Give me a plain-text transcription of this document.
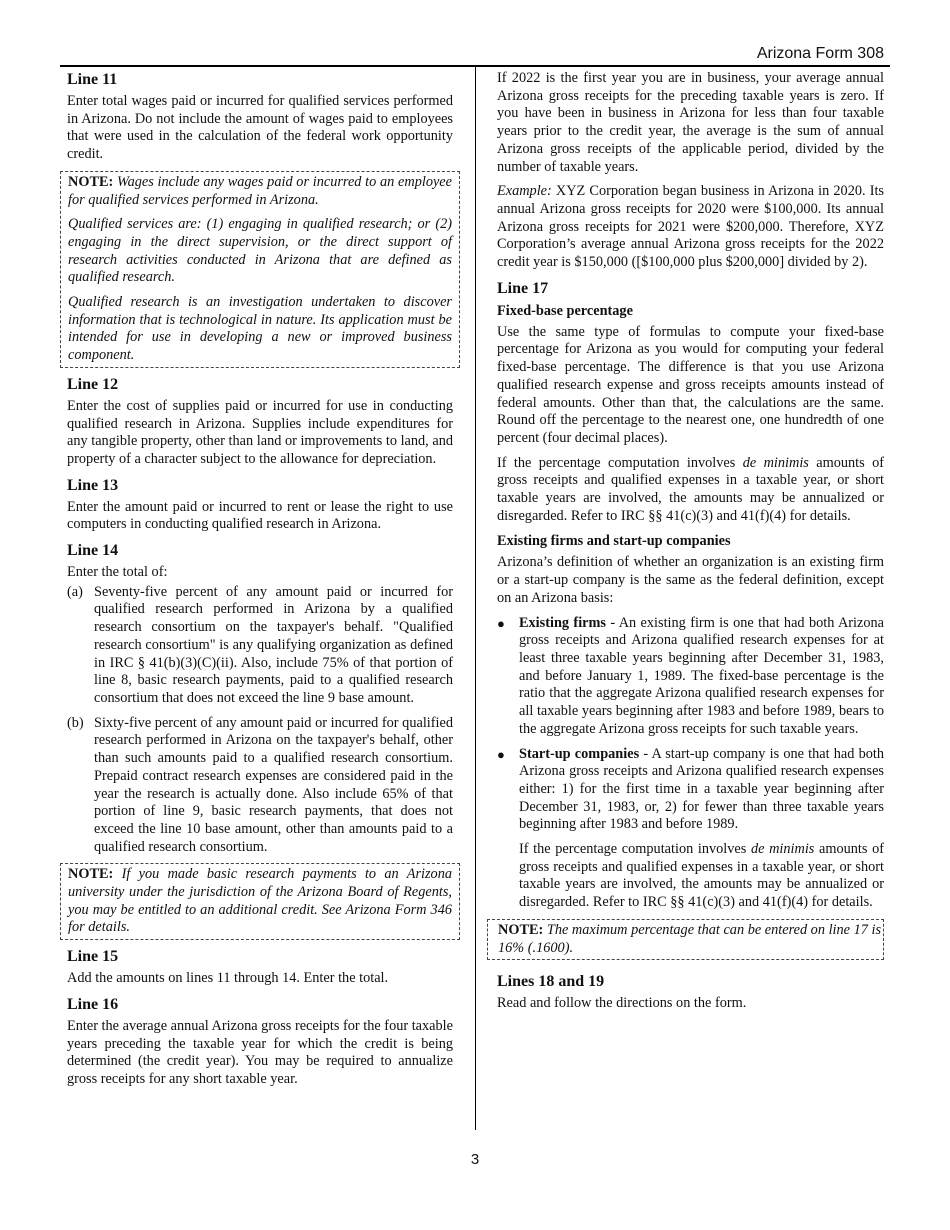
Arizona Form 308
Line 11

Enter total wages paid or incurred for qualified services performed in Arizona. Do not include the amount of wages paid to employees that were used in the calculation of the federal work opportunity credit.

NOTE: Wages include any wages paid or incurred to an employee for qualified services performed in Arizona.

Qualified services are: (1) engaging in qualified research; or (2) engaging in the direct supervision, or the direct support of research activities conducted in Arizona that are defined as qualified research.

Qualified research is an investigation undertaken to discover information that is technological in nature. Its application must be intended for use in developing a new or improved business component.

Line 12

Enter the cost of supplies paid or incurred for use in conducting qualified research in Arizona. Supplies include expenditures for any tangible property, other than land or improvements to land, and property of a character subject to the allowance for depreciation.

Line 13

Enter the amount paid or incurred to rent or lease the right to use computers in conducting qualified research in Arizona.

Line 14

Enter the total of:

(a) Seventy-five percent of any amount paid or incurred for qualified research performed in Arizona by a qualified research consortium on the taxpayer's behalf. "Qualified research consortium" is any qualifying organization as defined in IRC § 41(b)(3)(C)(ii). Also, include 75% of that portion of line 8, basic research payments, paid to a qualified research consortium that does not exceed the line 9 base amount.
(b) Sixty-five percent of any amount paid or incurred for qualified research performed in Arizona on the taxpayer's behalf, other than such amounts paid to a qualified research consortium. Prepaid contract research expenses are considered paid in the year the research is actually done. Also include 65% of that portion of line 9, basic research payments, that does not exceed the line 10 base amount, other than amounts paid to a qualified research consortium.

NOTE: If you made basic research payments to an Arizona university under the jurisdiction of the Arizona Board of Regents, you may be entitled to an additional credit. See Arizona Form 346 for details.

Line 15

Add the amounts on lines 11 through 14. Enter the total.

Line 16

Enter the average annual Arizona gross receipts for the four taxable years preceding the taxable year for which the credit is being determined (the credit year). You may be required to annualize gross receipts for any short taxable year.

If 2022 is the first year you are in business, your average annual Arizona gross receipts for the preceding taxable years is zero. If you have been in business in Arizona for less than four taxable years prior to the credit year, the average is the sum of annual Arizona gross receipts of the applicable period, divided by the number of taxable years.

Example: XYZ Corporation began business in Arizona in 2020. Its annual Arizona gross receipts for 2020 were $100,000. Its annual Arizona gross receipts for 2021 were $200,000. Therefore, XYZ Corporation’s average annual Arizona gross receipts for the 2022 credit year is $150,000 ([$100,000 plus $200,000] divided by 2).

Line 17
Fixed-base percentage

Use the same type of formulas to compute your fixed-base percentage for Arizona as you would for computing your federal fixed-base percentage. The difference is that you use Arizona qualified research expense and gross receipts amounts instead of federal amounts. Other than that, the calculations are the same. Round off the percentage to the nearest one, one hundredth of one percent (four decimal places).

If the percentage computation involves de minimis amounts of gross receipts and qualified expenses in a taxable year, or short taxable years are involved, the amounts may be annualized or disregarded. Refer to IRC §§ 41(c)(3) and 41(f)(4) for details.

Existing firms and start-up companies

Arizona’s definition of whether an organization is an existing firm or a start-up company is the same as the federal definition, except on an Arizona basis:

● Existing firms - An existing firm is one that had both Arizona gross receipts and Arizona qualified research expenses for at least three taxable years beginning after December 31, 1983, and before January 1, 1989. The fixed-base percentage is the ratio that the aggregate Arizona qualified research expenses for all taxable years beginning after 1983 and before 1989, bears to the aggregate Arizona gross receipts for such taxable years.
● Start-up companies - A start-up company is one that had both Arizona gross receipts and Arizona qualified research expenses either: 1) for the first time in a taxable year beginning after December 31, 1983, or, 2) for fewer than three taxable years beginning after 1983 and before 1989.

If the percentage computation involves de minimis amounts of gross receipts and qualified expenses in a taxable year, or short taxable years are involved, the amounts may be annualized or disregarded. Refer to IRC §§ 41(c)(3) and 41(f)(4) for details.

NOTE: The maximum percentage that can be entered on line 17 is 16% (.1600).

Lines 18 and 19

Read and follow the directions on the form.

3
